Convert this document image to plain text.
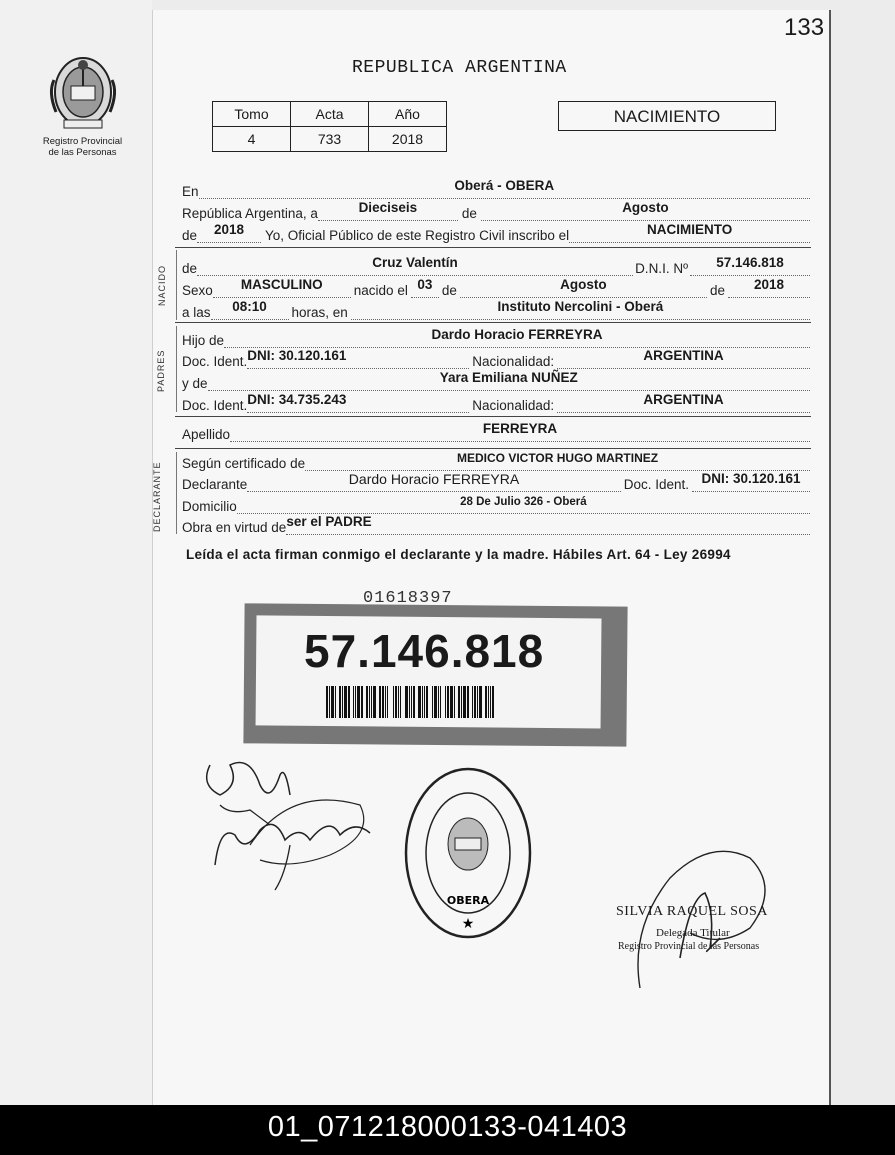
133
Registro Provincial
de las Personas
REPUBLICA ARGENTINA
Tomo	Acta	Año
4	733	2018
NACIMIENTO
En	Oberá - OBERA
República Argentina, a	Dieciseis	de	Agosto
de	2018	Yo, Oficial Público de este Registro Civil inscribo el	NACIMIENTO
NACIDO de	Cruz Valentín	D.N.I. Nº	57.146.818
Sexo	MASCULINO	nacido el 03 de	Agosto	de	2018
a las	08:10	horas, en	Instituto Nercolini - Oberá
PADRES
Hijo de	Dardo Horacio FERREYRA
Doc. Ident. DNI: 30.120.161	Nacionalidad:	ARGENTINA
y de	Yara Emiliana NUÑEZ
Doc. Ident. DNI: 34.735.243	Nacionalidad:	ARGENTINA
Apellido	FERREYRA
DECLARANTE Según certificado de	MEDICO VICTOR HUGO MARTINEZ
Declarante	Dardo Horacio FERREYRA	Doc. Ident. DNI: 30.120.161
Domicilio	28 De Julio 326 - Oberá
Obra en virtud de ser el PADRE
Leída el acta firman conmigo el declarante y la madre. Hábiles Art. 64 - Ley 26994
01618397
57.146.818
OBERA
★
SILVIA RAQUEL SOSA
Delegada Titular
Registro Provincial de las Personas
01_071218000133-041403
